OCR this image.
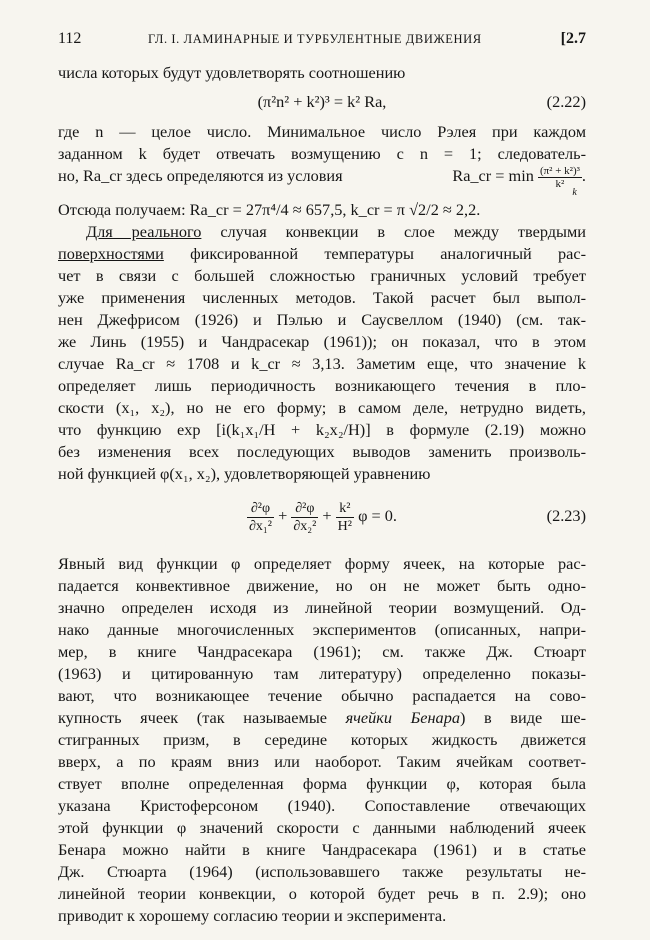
112	ГЛ. I. ЛАМИНАРНЫЕ И ТУРБУЛЕНТНЫЕ ДВИЖЕНИЯ	[2.7
числа которых будут удовлетворять соотношению
(π²n² + k²)³ = k² Ra,	(2.22)
где n — целое число. Минимальное число Рэлея при каждом
заданном k будет отвечать возмущению с n = 1; следователь-
но, Ra_cr здесь определяются из условия	Ra_cr = $\min \frac{\text{(π² + k²)³}}{\text{k²}}$ .
k
Отсюда получаем: Ra_cr = 27π⁴/4 ≈ 657,5, k_cr = π √2/2 ≈ 2,2.
Для реального случая конвекции в слое между твердыми
поверхностями фиксированной температуры аналогичный рас-
чет в связи с большей сложностью граничных условий требует
уже применения численных методов. Такой расчет был выпол-
нен Джефрисом (1926) и Пэлью и Саусвеллом (1940) (см. так-
же Линь (1955) и Чандрасекар (1961)); он показал, что в этом
случае Ra_cr ≈ 1708 и k_cr ≈ 3,13. Заметим еще, что значение k
определяет лишь периодичность возникающего течения в пло-
скости (x₁, x₂), но не его форму; в самом деле, нетрудно видеть,
что функцию exp [i(k₁x₁/H + k₂x₂/H)] в формуле (2.19) можно
без изменения всех последующих выводов заменить произволь-
ной функцией φ(x₁, x₂), удовлетворяющей уравнению
$\frac{\text{∂²φ}}{\text{∂x₁²}} + \frac{\text{∂²φ}}{\text{∂x₂²}} + \frac{\text{k²}}{\text{H²}}$ φ = 0.	(2.23)
Явный вид функции φ определяет форму ячеек, на которые рас-
падается конвективное движение, но он не может быть одно-
значно определен исходя из линейной теории возмущений. Од-
нако данные многочисленных экспериментов (описанных, напри-
мер, в книге Чандрасекара (1961); см. также Дж. Стюарт
(1963) и цитированную там литературу) определенно показы-
вают, что возникающее течение обычно распадается на сово-
купность ячеек (так называемые ячейки Бенара) в виде ше-
стигранных призм, в середине которых жидкость движется
вверх, а по краям вниз или наоборот. Таким ячейкам соответ-
ствует вполне определенная форма функции φ, которая была
указана Кристоферсоном (1940). Сопоставление отвечающих
этой функции φ значений скорости с данными наблюдений ячеек
Бенара можно найти в книге Чандрасекара (1961) и в статье
Дж. Стюарта (1964) (использовавшего также результаты не-
линейной теории конвекции, о которой будет речь в п. 2.9); оно
приводит к хорошему согласию теории и эксперимента.
